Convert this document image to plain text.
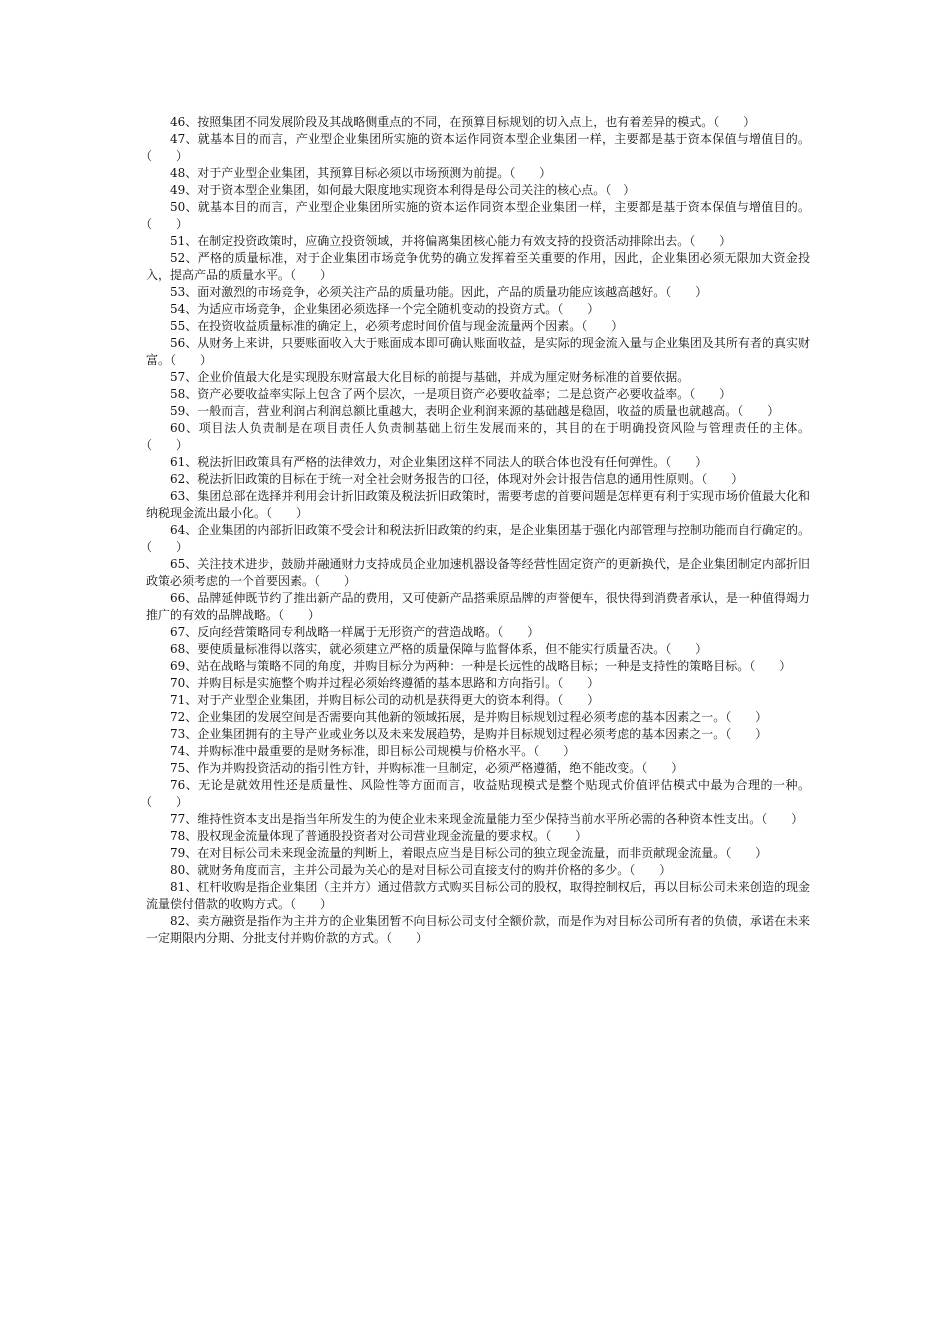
46、按照集团不同发展阶段及其战略侧重点的不同，在预算目标规划的切入点上，也有着差异的模式。（　　）

47、就基本目的而言，产业型企业集团所实施的资本运作同资本型企业集团一样，主要都是基于资本保值与增值目的。（　　）

48、对于产业型企业集团，其预算目标必须以市场预测为前提。（　　）

49、对于资本型企业集团，如何最大限度地实现资本利得是母公司关注的核心点。（　）

50、就基本目的而言，产业型企业集团所实施的资本运作同资本型企业集团一样，主要都是基于资本保值与增值目的。（　　）

51、在制定投资政策时，应确立投资领域，并将偏离集团核心能力有效支持的投资活动排除出去。（　　）

52、严格的质量标准，对于企业集团市场竞争优势的确立发挥着至关重要的作用，因此，企业集团必须无限加大资金投入，提高产品的质量水平。（　　）

53、面对激烈的市场竞争，必须关注产品的质量功能。因此，产品的质量功能应该越高越好。（　　）

54、为适应市场竞争，企业集团必须选择一个完全随机变动的投资方式。（　　）

55、在投资收益质量标准的确定上，必须考虑时间价值与现金流量两个因素。（　　）

56、从财务上来讲，只要账面收入大于账面成本即可确认账面收益，是实际的现金流入量与企业集团及其所有者的真实财富。（　　）

57、企业价值最大化是实现股东财富最大化目标的前提与基础，并成为厘定财务标准的首要依据。

58、资产必要收益率实际上包含了两个层次，一是项目资产必要收益率；二是总资产必要收益率。（　　）

59、一般而言，营业利润占利润总额比重越大，表明企业利润来源的基础越是稳固，收益的质量也就越高。（　　）

60、项目法人负责制是在项目责任人负责制基础上衍生发展而来的，其目的在于明确投资风险与管理责任的主体。（　　）

61、税法折旧政策具有严格的法律效力，对企业集团这样不同法人的联合体也没有任何弹性。（　　）

62、税法折旧政策的目标在于统一对全社会财务报告的口径，体现对外会计报告信息的通用性原则。（　　）

63、集团总部在选择并利用会计折旧政策及税法折旧政策时，需要考虑的首要问题是怎样更有利于实现市场价值最大化和纳税现金流出最小化。（　　）

64、企业集团的内部折旧政策不受会计和税法折旧政策的约束，是企业集团基于强化内部管理与控制功能而自行确定的。（　　）

65、关注技术进步，鼓励并融通财力支持成员企业加速机器设备等经营性固定资产的更新换代，是企业集团制定内部折旧政策必须考虑的一个首要因素。（　　）

66、品牌延伸既节约了推出新产品的费用，又可使新产品搭乘原品牌的声誉便车，很快得到消费者承认，是一种值得竭力推广的有效的品牌战略。（　　）

67、反向经营策略同专利战略一样属于无形资产的营造战略。（　　）

68、要使质量标准得以落实，就必须建立严格的质量保障与监督体系，但不能实行质量否决。（　　）

69、站在战略与策略不同的角度，并购目标分为两种：一种是长远性的战略目标；一种是支持性的策略目标。（　　）

70、并购目标是实施整个购并过程必须始终遵循的基本思路和方向指引。（　　）

71、对于产业型企业集团，并购目标公司的动机是获得更大的资本利得。（　　）

72、企业集团的发展空间是否需要向其他新的领域拓展，是并购目标规划过程必须考虑的基本因素之一。（　　）

73、企业集团拥有的主导产业或业务以及未来发展趋势，是购并目标规划过程必须考虑的基本因素之一。（　　）

74、并购标准中最重要的是财务标准，即目标公司规模与价格水平。（　　）

75、作为并购投资活动的指引性方针，并购标准一旦制定，必须严格遵循，绝不能改变。（　　）

76、无论是就效用性还是质量性、风险性等方面而言，收益贴现模式是整个贴现式价值评估模式中最为合理的一种。（　　）

77、维持性资本支出是指当年所发生的为使企业未来现金流量能力至少保持当前水平所必需的各种资本性支出。（　　）

78、股权现金流量体现了普通股投资者对公司营业现金流量的要求权。（　　）

79、在对目标公司未来现金流量的判断上，着眼点应当是目标公司的独立现金流量，而非贡献现金流量。（　　）

80、就财务角度而言，主并公司最为关心的是对目标公司直接支付的购并价格的多少。（　　）

81、杠杆收购是指企业集团（主并方）通过借款方式购买目标公司的股权，取得控制权后，再以目标公司未来创造的现金流量偿付借款的收购方式。（　　）

82、卖方融资是指作为主并方的企业集团暂不向目标公司支付全额价款，而是作为对目标公司所有者的负债，承诺在未来一定期限内分期、分批支付并购价款的方式。（　　）
